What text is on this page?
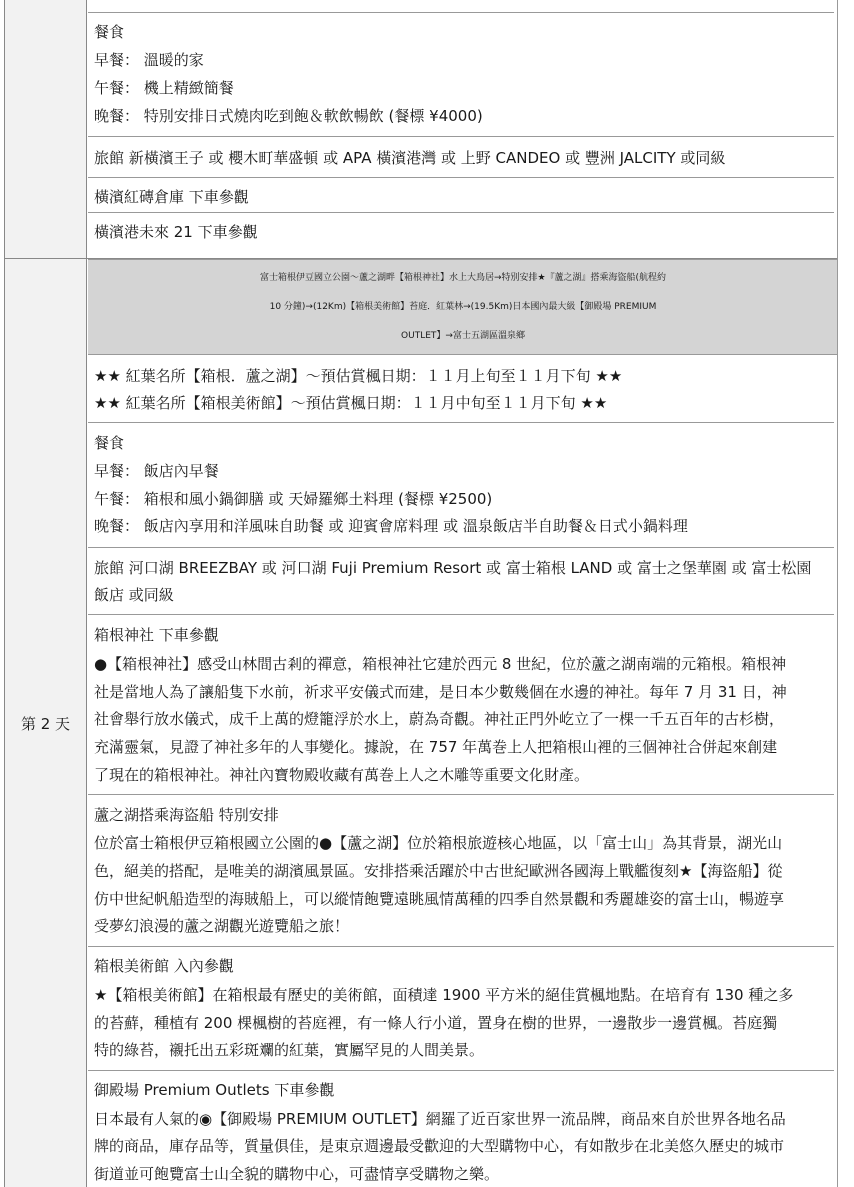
餐食
早餐： 溫暖的家
午餐： 機上精緻簡餐
晚餐： 特別安排日式燒肉吃到飽＆軟飲暢飲 (餐標 ¥4000)
旅館 新橫濱王子 或 櫻木町華盛頓 或 APA 橫濱港灣 或 上野 CANDEO 或 豐洲 JALCITY 或同級
橫濱紅磚倉庫 下車參觀
橫濱港未來 21 下車參觀
第 2 天
富士箱根伊豆國立公園～蘆之湖畔【箱根神社】水上大鳥居→特別安排★『蘆之湖』搭乘海盜船(航程約
10 分鐘)→(12Km)【箱根美術館】苔庭．紅葉林→(19.5Km)日本國內最大級【御殿場 PREMIUM
OUTLET】→富士五湖區溫泉鄉
★★ 紅葉名所【箱根．蘆之湖】～預估賞楓日期：１１月上旬至１１月下旬 ★★
★★ 紅葉名所【箱根美術館】～預估賞楓日期：１１月中旬至１１月下旬 ★★
餐食
早餐： 飯店內早餐
午餐： 箱根和風小鍋御膳 或 天婦羅鄉土料理 (餐標 ¥2500)
晚餐： 飯店內享用和洋風味自助餐 或 迎賓會席料理 或 溫泉飯店半自助餐＆日式小鍋料理
旅館 河口湖 BREEZBAY 或 河口湖 Fuji Premium Resort 或 富士箱根 LAND 或 富士之堡華園 或 富士松園
飯店 或同級
箱根神社 下車參觀
●【箱根神社】感受山林間古剎的禪意，箱根神社它建於西元 8 世紀，位於蘆之湖南端的元箱根。箱根神
社是當地人為了讓船隻下水前，祈求平安儀式而建，是日本少數幾個在水邊的神社。每年 7 月 31 日，神
社會舉行放水儀式，成千上萬的燈籠浮於水上，蔚為奇觀。神社正門外屹立了一棵一千五百年的古杉樹，
充滿靈氣，見證了神社多年的人事變化。據說，在 757 年萬巻上人把箱根山裡的三個神社合併起來創建
了現在的箱根神社。神社內寶物殿收藏有萬巻上人之木雕等重要文化財產。
蘆之湖搭乘海盜船 特別安排
位於富士箱根伊豆箱根國立公園的●【蘆之湖】位於箱根旅遊核心地區，以「富士山」為其背景，湖光山
色，絕美的搭配，是唯美的湖濱風景區。安排搭乘活躍於中古世紀歐洲各國海上戰艦復刻★【海盜船】從
仿中世紀帆船造型的海賊船上，可以縱情飽覽遠眺風情萬種的四季自然景觀和秀麗雄姿的富士山，暢遊享
受夢幻浪漫的蘆之湖觀光遊覽船之旅！
箱根美術館 入內參觀
★【箱根美術館】在箱根最有歷史的美術館，面積達 1900 平方米的絕佳賞楓地點。在培育有 130 種之多
的苔蘚，種植有 200 棵楓樹的苔庭裡，有一條人行小道，置身在樹的世界，一邊散步一邊賞楓。苔庭獨
特的綠苔，襯托出五彩斑斕的紅葉，實屬罕見的人間美景。
御殿場 Premium Outlets 下車參觀
日本最有人氣的◉【御殿場 PREMIUM OUTLET】網羅了近百家世界一流品牌，商品來自於世界各地名品
牌的商品，庫存品等，質量俱佳，是東京週邊最受歡迎的大型購物中心，有如散步在北美悠久歷史的城市
街道並可飽覽富士山全貌的購物中心，可盡情享受購物之樂。
